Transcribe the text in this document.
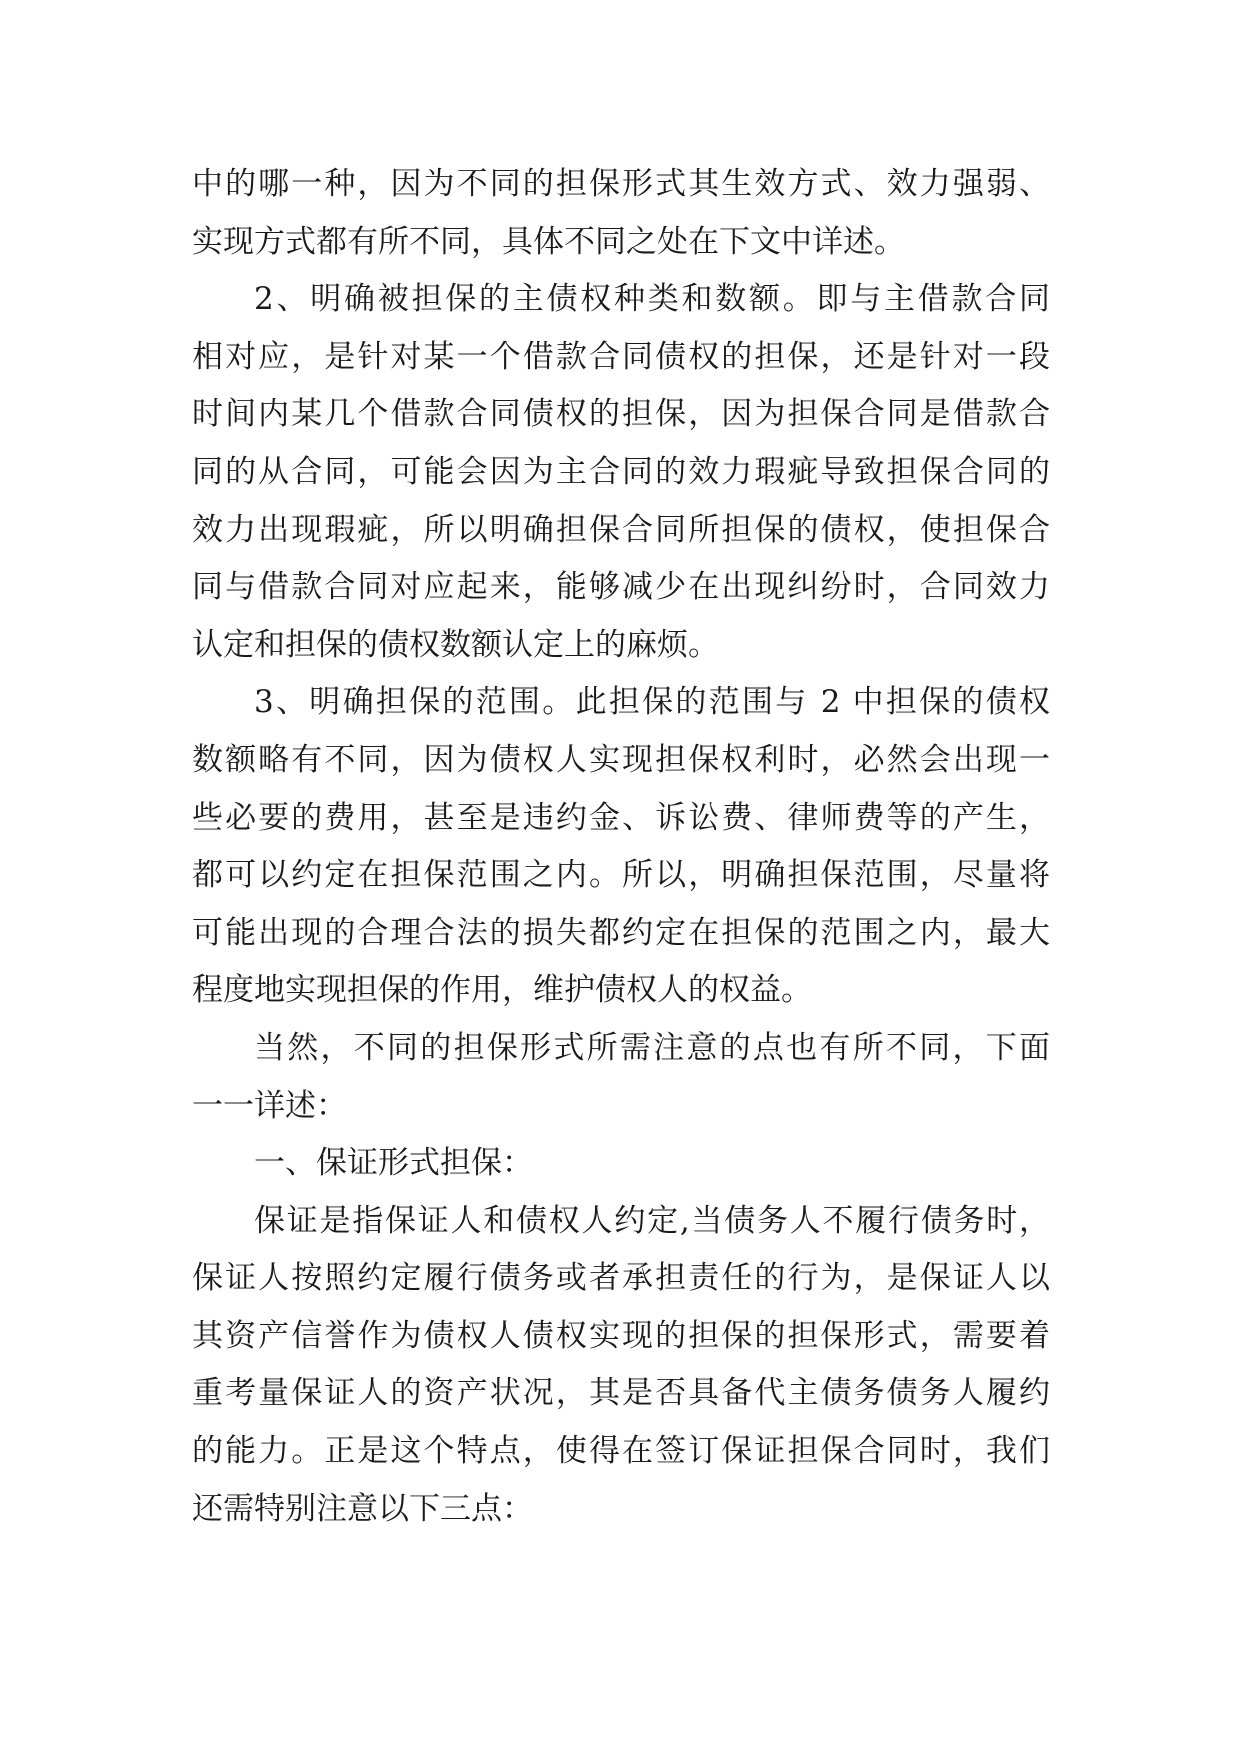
中的哪一种，因为不同的担保形式其生效方式、效力强弱、
实现方式都有所不同，具体不同之处在下文中详述。
2、明确被担保的主债权种类和数额。即与主借款合同
相对应，是针对某一个借款合同债权的担保，还是针对一段
时间内某几个借款合同债权的担保，因为担保合同是借款合
同的从合同，可能会因为主合同的效力瑕疵导致担保合同的
效力出现瑕疵，所以明确担保合同所担保的债权，使担保合
同与借款合同对应起来，能够减少在出现纠纷时，合同效力
认定和担保的债权数额认定上的麻烦。
3、明确担保的范围。此担保的范围与 2 中担保的债权
数额略有不同，因为债权人实现担保权利时，必然会出现一
些必要的费用，甚至是违约金、诉讼费、律师费等的产生，
都可以约定在担保范围之内。所以，明确担保范围，尽量将
可能出现的合理合法的损失都约定在担保的范围之内，最大
程度地实现担保的作用，维护债权人的权益。
当然，不同的担保形式所需注意的点也有所不同，下面
一一详述：
一、保证形式担保：
保证是指保证人和债权人约定,当债务人不履行债务时，
保证人按照约定履行债务或者承担责任的行为，是保证人以
其资产信誉作为债权人债权实现的担保的担保形式，需要着
重考量保证人的资产状况，其是否具备代主债务债务人履约
的能力。正是这个特点，使得在签订保证担保合同时，我们
还需特别注意以下三点：
